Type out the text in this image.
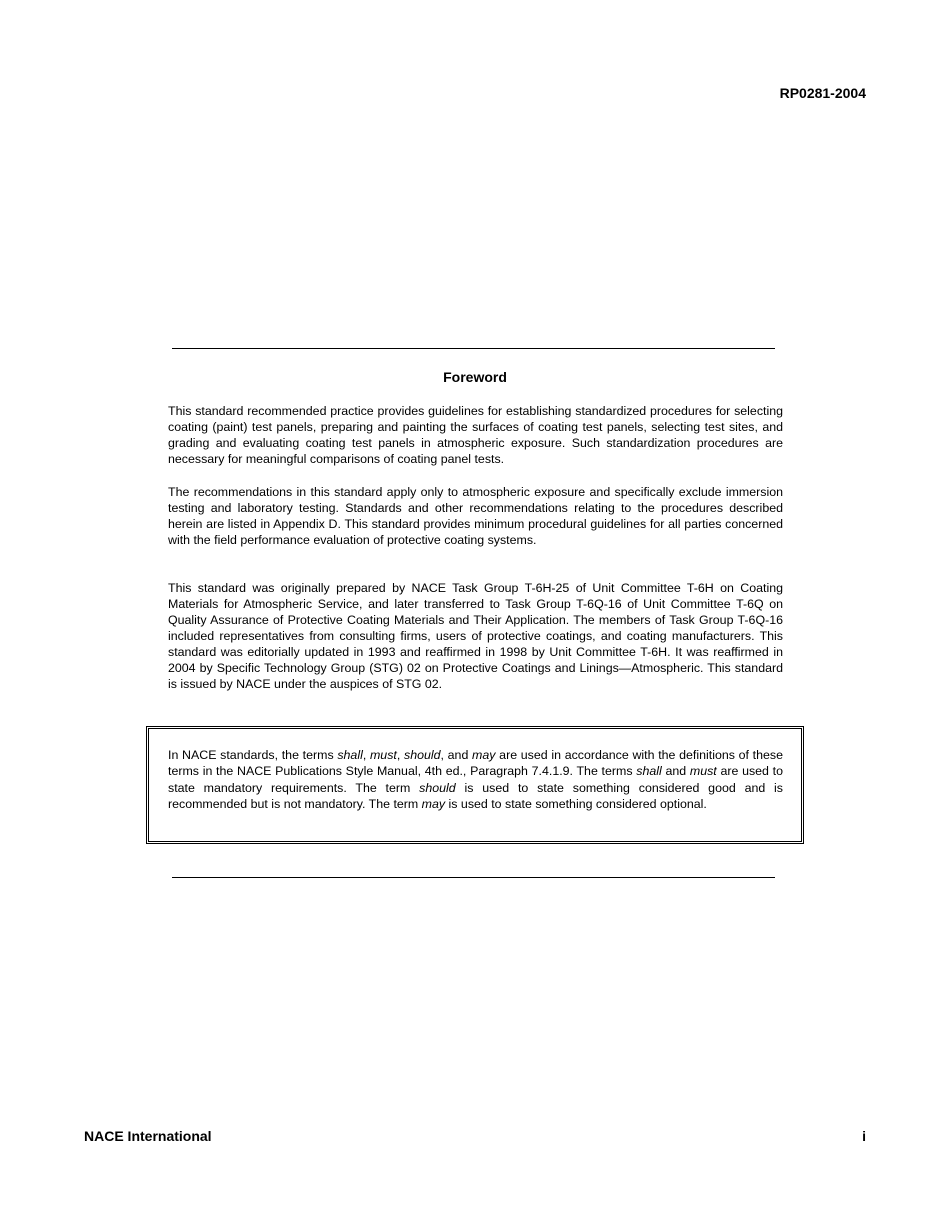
RP0281-2004
Foreword

This standard recommended practice provides guidelines for establishing standardized procedures for selecting coating (paint) test panels, preparing and painting the surfaces of coating test panels, selecting test sites, and grading and evaluating coating test panels in atmospheric exposure. Such standardization procedures are necessary for meaningful comparisons of coating panel tests.

The recommendations in this standard apply only to atmospheric exposure and specifically exclude immersion testing and laboratory testing. Standards and other recommendations relating to the procedures described herein are listed in Appendix D. This standard provides minimum procedural guidelines for all parties concerned with the field performance evaluation of protective coating systems.

This standard was originally prepared by NACE Task Group T-6H-25 of Unit Committee T-6H on Coating Materials for Atmospheric Service, and later transferred to Task Group T-6Q-16 of Unit Committee T-6Q on Quality Assurance of Protective Coating Materials and Their Application. The members of Task Group T-6Q-16 included representatives from consulting firms, users of protective coatings, and coating manufacturers. This standard was editorially updated in 1993 and reaffirmed in 1998 by Unit Committee T-6H. It was reaffirmed in 2004 by Specific Technology Group (STG) 02 on Protective Coatings and Linings—Atmospheric. This standard is issued by NACE under the auspices of STG 02.

In NACE standards, the terms shall, must, should, and may are used in accordance with the definitions of these terms in the NACE Publications Style Manual, 4th ed., Paragraph 7.4.1.9. The terms shall and must are used to state mandatory requirements. The term should is used to state something considered good and is recommended but is not mandatory. The term may is used to state something considered optional.

NACE International	i
